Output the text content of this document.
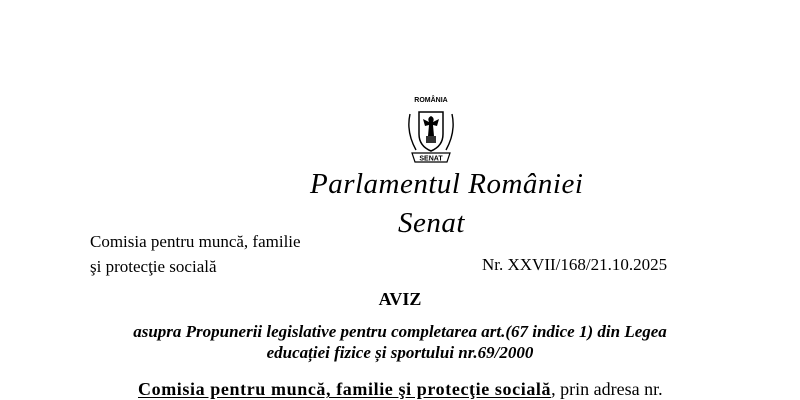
ROMÂNIA
SENAT
Parlamentul României
Senat
Comisia pentru muncă, familie
şi protecţie socială	Nr. XXVII/168/21.10.2025
AVIZ
asupra Propunerii legislative pentru completarea art.(67 indice 1) din Legea
educației fizice și sportului nr.69/2000
Comisia pentru muncă, familie şi protecţie socială, prin adresa nr.
